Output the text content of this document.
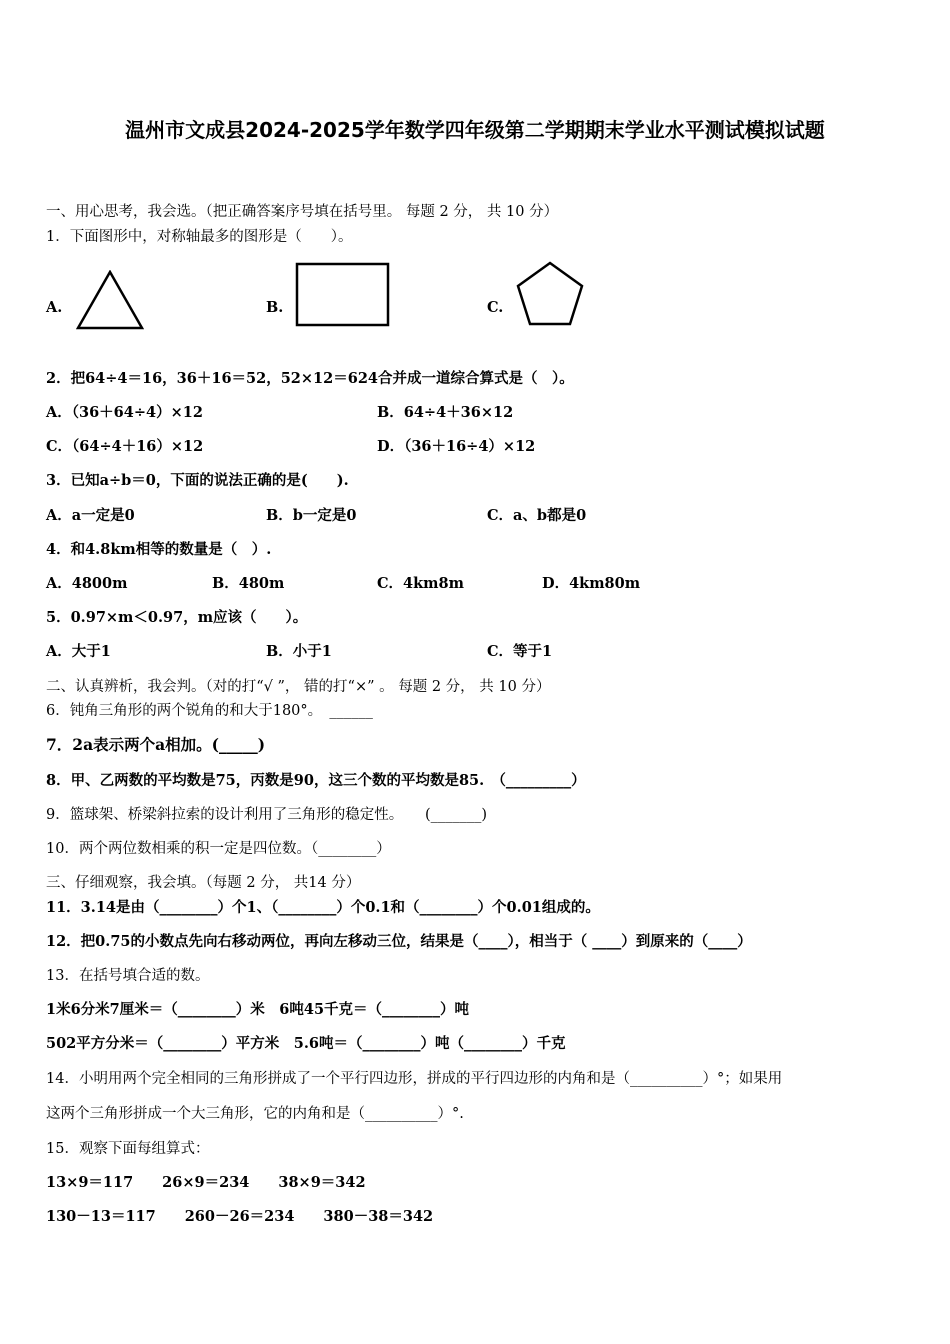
温州市文成县2024-2025学年数学四年级第二学期期末学业水平测试模拟试题
一、用心思考，我会选。（把正确答案序号填在括号里。 每题 2 分， 共 10 分）
1．下面图形中，对称轴最多的图形是（　　）。
A.	B.	C.
2．把64÷4＝16，36＋16＝52，52×12＝624合并成一道综合算式是（　）。
A．（36＋64÷4）×12	B．64÷4＋36×12
C．（64÷4＋16）×12	D．（36＋16÷4）×12
3．已知a÷b＝0，下面的说法正确的是(　　).
A．a一定是0	B．b一定是0	C．a、b都是0
4．和4.8km相等的数量是（　）.
A．4800m	B．480m	C．4km8m	D．4km80m
5．0.97×m＜0.97，m应该（　　）。
A．大于1	B．小于1	C．等于1
二、认真辨析，我会判。（对的打“√ ”， 错的打“×” 。 每题 2 分， 共 10 分）
6．钝角三角形的两个锐角的和大于180°。　______
7．2a表示两个a相加。(_____)
8．甲、乙两数的平均数是75，丙数是90，这三个数的平均数是85.　（_________）
9．篮球架、桥梁斜拉索的设计利用了三角形的稳定性。　　(_______)
10．两个两位数相乘的积一定是四位数。（________）
三、仔细观察，我会填。（每题 2 分， 共14 分）
11．3.14是由（________）个1、（________）个0.1和（________）个0.01组成的。
12．把0.75的小数点先向右移动两位，再向左移动三位，结果是（____），相当于（ ____）到原来的（____）
13．在括号填合适的数。
1米6分米7厘米＝（________）米　6吨45千克＝（________）吨
502平方分米＝（________）平方米　5.6吨＝（________）吨（________）千克
14．小明用两个完全相同的三角形拼成了一个平行四边形，拼成的平行四边形的内角和是（__________）°；如果用
这两个三角形拼成一个大三角形，它的内角和是（__________）°.
15．观察下面每组算式：
13×9＝117　　26×9＝234　　38×9＝342
130－13＝117　　260－26＝234　　380－38＝342
